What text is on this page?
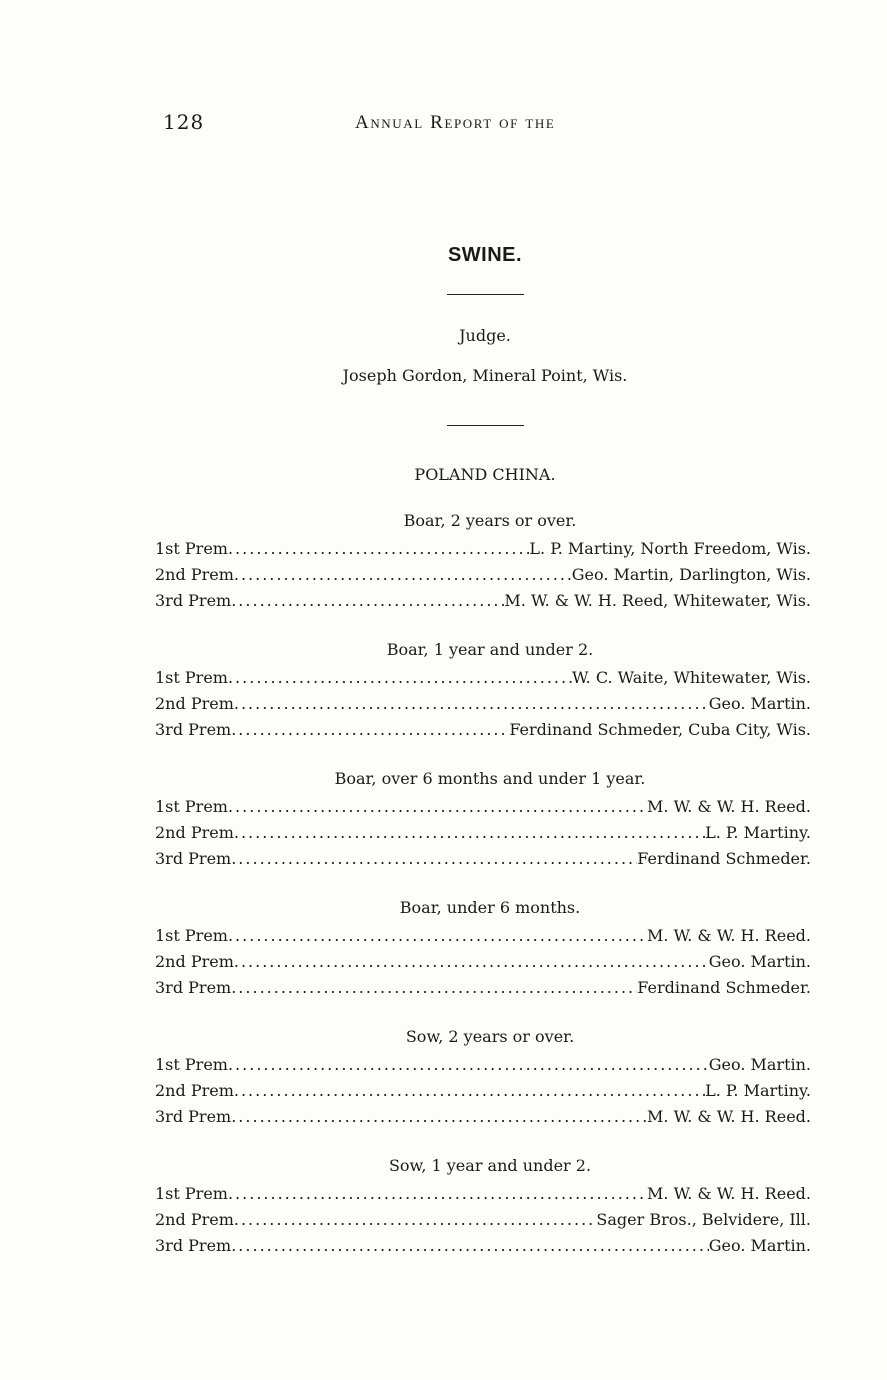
128	Annual Report of the
SWINE.
Judge.
Joseph Gordon, Mineral Point, Wis.
POLAND CHINA.
Boar, 2 years or over.
1st Prem .....	L. P. Martiny, North Freedom, Wis.
2nd Prem .....	Geo. Martin, Darlington, Wis.
3rd Prem .....	M. W. & W. H. Reed, Whitewater, Wis.
Boar, 1 year and under 2.
1st Prem .....	W. C. Waite, Whitewater, Wis.
2nd Prem .....	Geo. Martin.
3rd Prem .....	Ferdinand Schmeder, Cuba City, Wis.
Boar, over 6 months and under 1 year.
1st Prem .....	M. W. & W. H. Reed.
2nd Prem .....	L. P. Martiny.
3rd Prem .....	Ferdinand Schmeder.
Boar, under 6 months.
1st Prem .....	M. W. & W. H. Reed.
2nd Prem .....	Geo. Martin.
3rd Prem .....	Ferdinand Schmeder.
Sow, 2 years or over.
1st Prem .....	Geo. Martin.
2nd Prem .....	L. P. Martiny.
3rd Prem .....	M. W. & W. H. Reed.
Sow, 1 year and under 2.
1st Prem .....	M. W. & W. H. Reed.
2nd Prem .....	Sager Bros., Belvidere, Ill.
3rd Prem .....	Geo. Martin.
